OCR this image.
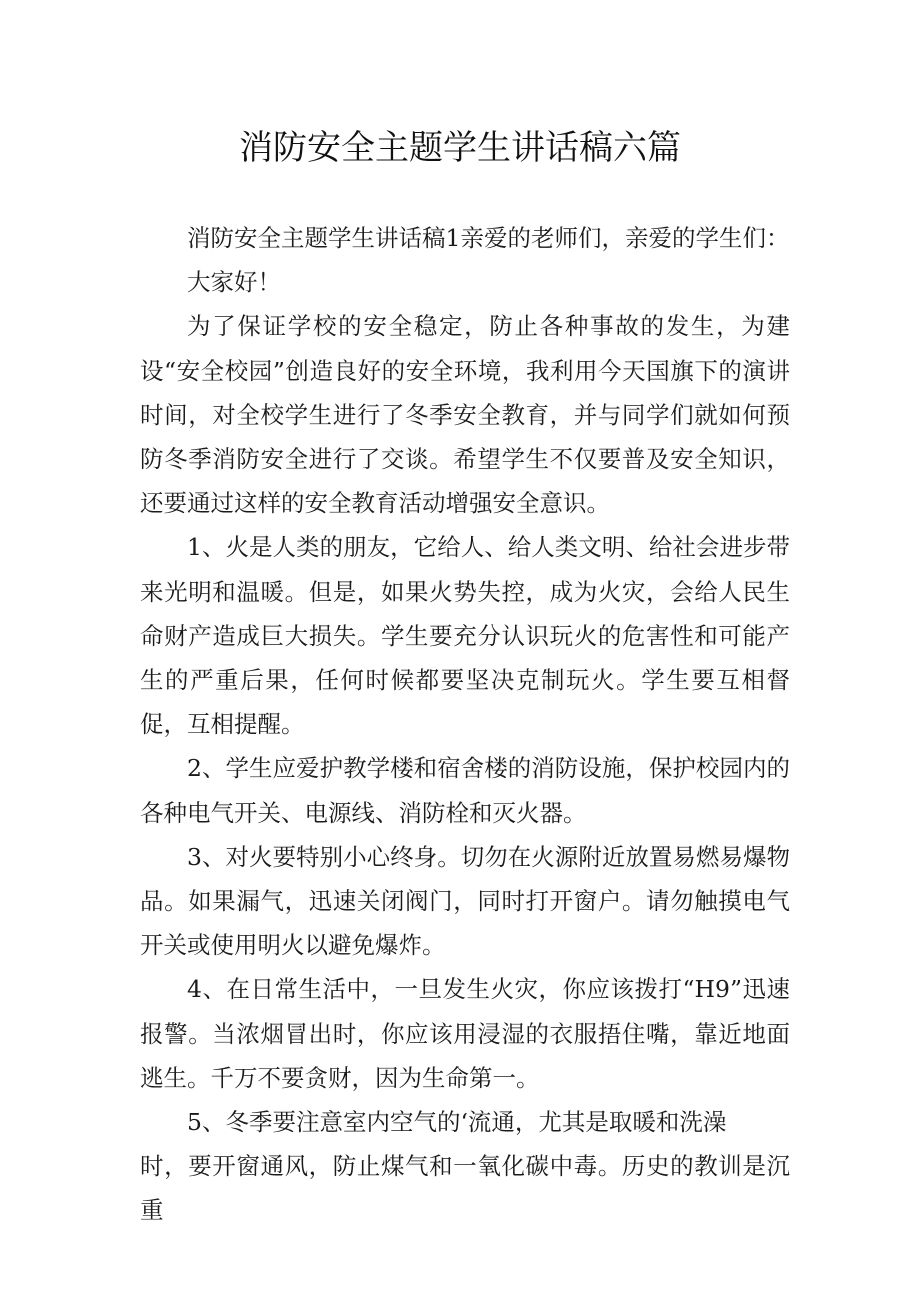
消防安全主题学生讲话稿六篇

消防安全主题学生讲话稿1亲爱的老师们，亲爱的学生们：

大家好！

为了保证学校的安全稳定，防止各种事故的发生，为建设“安全校园”创造良好的安全环境，我利用今天国旗下的演讲时间，对全校学生进行了冬季安全教育，并与同学们就如何预防冬季消防安全进行了交谈。希望学生不仅要普及安全知识，还要通过这样的安全教育活动增强安全意识。

1、火是人类的朋友，它给人、给人类文明、给社会进步带来光明和温暖。但是，如果火势失控，成为火灾，会给人民生命财产造成巨大损失。学生要充分认识玩火的危害性和可能产生的严重后果，任何时候都要坚决克制玩火。学生要互相督促，互相提醒。

2、学生应爱护教学楼和宿舍楼的消防设施，保护校园内的各种电气开关、电源线、消防栓和灭火器。

3、对火要特别小心终身。切勿在火源附近放置易燃易爆物品。如果漏气，迅速关闭阀门，同时打开窗户。请勿触摸电气开关或使用明火以避免爆炸。

4、在日常生活中，一旦发生火灾，你应该拨打“H9”迅速报警。当浓烟冒出时，你应该用浸湿的衣服捂住嘴，靠近地面逃生。千万不要贪财，因为生命第一。

5、冬季要注意室内空气的‘流通，尤其是取暖和洗澡

时，要开窗通风，防止煤气和一氧化碳中毒。历史的教训是沉重
